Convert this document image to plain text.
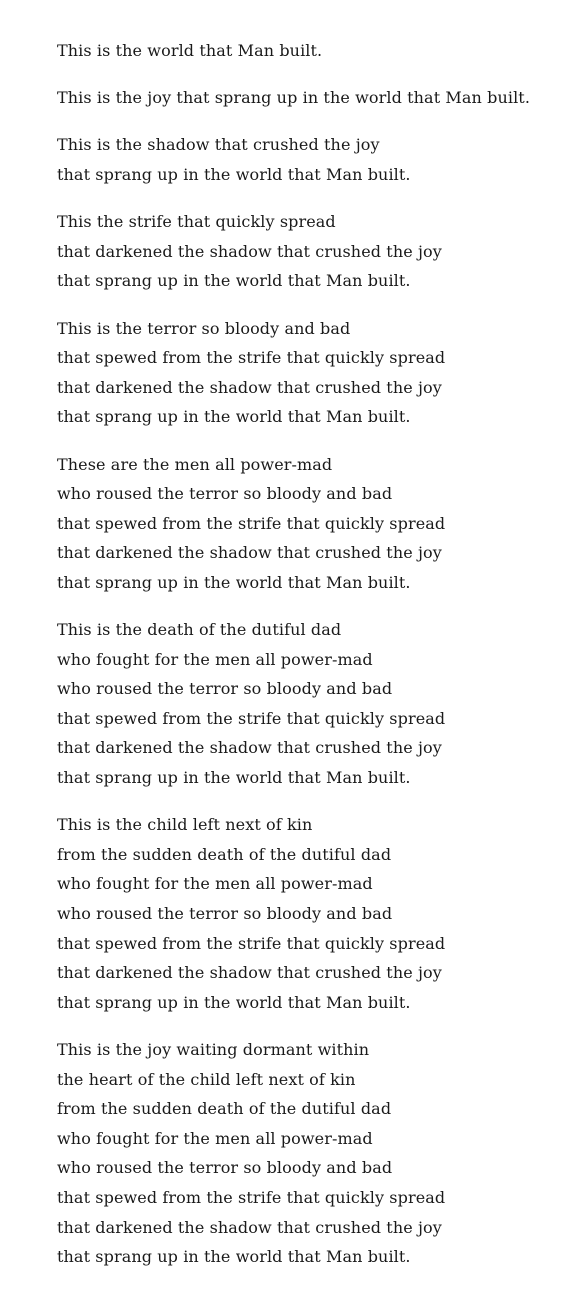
This is the world that Man built.
This is the joy that sprang up in the world that Man built.
This is the shadow that crushed the joy
that sprang up in the world that Man built.
This the strife that quickly spread
that darkened the shadow that crushed the joy
that sprang up in the world that Man built.
This is the terror so bloody and bad
that spewed from the strife that quickly spread
that darkened the shadow that crushed the joy
that sprang up in the world that Man built.
These are the men all power-mad
who roused the terror so bloody and bad
that spewed from the strife that quickly spread
that darkened the shadow that crushed the joy
that sprang up in the world that Man built.
This is the death of the dutiful dad
who fought for the men all power-mad
who roused the terror so bloody and bad
that spewed from the strife that quickly spread
that darkened the shadow that crushed the joy
that sprang up in the world that Man built.
This is the child left next of kin
from the sudden death of the dutiful dad
who fought for the men all power-mad
who roused the terror so bloody and bad
that spewed from the strife that quickly spread
that darkened the shadow that crushed the joy
that sprang up in the world that Man built.
This is the joy waiting dormant within
the heart of the child left next of kin
from the sudden death of the dutiful dad
who fought for the men all power-mad
who roused the terror so bloody and bad
that spewed from the strife that quickly spread
that darkened the shadow that crushed the joy
that sprang up in the world that Man built.
